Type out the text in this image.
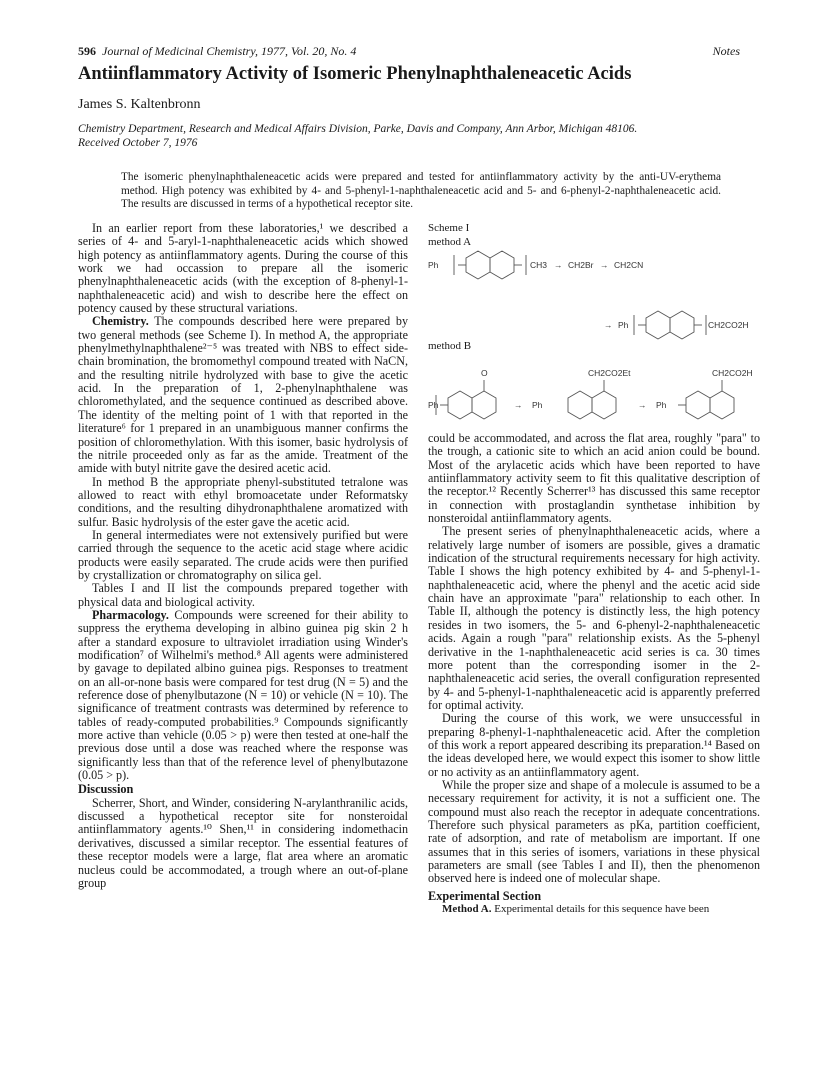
596 Journal of Medicinal Chemistry, 1977, Vol. 20, No. 4	Notes
Antiinflammatory Activity of Isomeric Phenylnaphthaleneacetic Acids
James S. Kaltenbronn
Chemistry Department, Research and Medical Affairs Division, Parke, Davis and Company, Ann Arbor, Michigan 48106.
Received October 7, 1976
The isomeric phenylnaphthaleneacetic acids were prepared and tested for antiinflammatory activity by the anti-UV-erythema method. High potency was exhibited by 4- and 5-phenyl-1-naphthaleneacetic acid and 5- and 6-phenyl-2-naphthaleneacetic acid. The results are discussed in terms of a hypothetical receptor site.

In an earlier report from these laboratories,¹ we described a series of 4- and 5-aryl-1-naphthaleneacetic acids which showed high potency as antiinflammatory agents. During the course of this work we had occassion to prepare all the isomeric phenylnaphthaleneacetic acids (with the exception of 8-phenyl-1-naphthaleneacetic acid) and wish to describe here the effect on potency caused by these structural variations.

Chemistry. The compounds described here were prepared by two general methods (see Scheme I). In method A, the appropriate phenylmethylnaphthalene²⁻⁵ was treated with NBS to effect side-chain bromination, the bromomethyl compound treated with NaCN, and the resulting nitrile hydrolyzed with base to give the acetic acid. In the preparation of 1, 2-phenylnaphthalene was chloromethylated, and the sequence continued as described above. The identity of the melting point of 1 with that reported in the literature⁶ for 1 prepared in an unambiguous manner confirms the position of chloromethylation. With this isomer, basic hydrolysis of the nitrile proceeded only as far as the amide. Treatment of the amide with butyl nitrite gave the desired acetic acid.

In method B the appropriate phenyl-substituted tetralone was allowed to react with ethyl bromoacetate under Reformatsky conditions, and the resulting dihydronaphthalene aromatized with sulfur. Basic hydrolysis of the ester gave the acetic acid.

In general intermediates were not extensively purified but were carried through the sequence to the acetic acid stage where acidic products were easily separated. The crude acids were then purified by crystallization or chromatography on silica gel.

Tables I and II list the compounds prepared together with physical data and biological activity.

Pharmacology. Compounds were screened for their ability to suppress the erythema developing in albino guinea pig skin 2 h after a standard exposure to ultraviolet irradiation using Winder's modification⁷ of Wilhelmi's method.⁸ All agents were administered by gavage to depilated albino guinea pigs. Responses to treatment on an all-or-none basis were compared for test drug (N = 5) and the reference dose of phenylbutazone (N = 10) or vehicle (N = 10). The significance of treatment contrasts was determined by reference to tables of ready-computed probabilities.⁹ Compounds significantly more active than vehicle (0.05 > p) were then tested at one-half the previous dose until a dose was reached where the response was significantly less than that of the reference level of phenylbutazone (0.05 > p).

Discussion

Scherrer, Short, and Winder, considering N-arylanthranilic acids, discussed a hypothetical receptor site for nonsteroidal antiinflammatory agents.¹⁰ Shen,¹¹ in considering indomethacin derivatives, discussed a similar receptor. The essential features of these receptor models were a large, flat area where an aromatic nucleus could be accommodated, a trough where an out-of-plane group

Scheme I
method A
method B
Ph	CH3 → CH2Br → CH2CN
→ Ph	CH2CO2H
Ph
O
→ Ph
CH2CO2Et
→ Ph
CH2CO2H

could be accommodated, and across the flat area, roughly "para" to the trough, a cationic site to which an acid anion could be bound. Most of the arylacetic acids which have been reported to have antiinflammatory activity seem to fit this qualitative description of the receptor.¹² Recently Scherrer¹³ has discussed this same receptor in connection with prostaglandin synthetase inhibition by nonsteroidal antiinflammatory agents.

The present series of phenylnaphthaleneacetic acids, where a relatively large number of isomers are possible, gives a dramatic indication of the structural requirements necessary for high activity. Table I shows the high potency exhibited by 4- and 5-phenyl-1-naphthaleneacetic acid, where the phenyl and the acetic acid side chain have an approximate "para" relationship to each other. In Table II, although the potency is distinctly less, the high potency resides in two isomers, the 5- and 6-phenyl-2-naphthaleneacetic acids. Again a rough "para" relationship exists. As the 5-phenyl derivative in the 1-naphthaleneacetic acid series is ca. 30 times more potent than the corresponding isomer in the 2-naphthaleneacetic acid series, the overall configuration represented by 4- and 5-phenyl-1-naphthaleneacetic acid is apparently preferred for optimal activity.

During the course of this work, we were unsuccessful in preparing 8-phenyl-1-naphthaleneacetic acid. After the completion of this work a report appeared describing its preparation.¹⁴ Based on the ideas developed here, we would expect this isomer to show little or no activity as an antiinflammatory agent.

While the proper size and shape of a molecule is assumed to be a necessary requirement for activity, it is not a sufficient one. The compound must also reach the receptor in adequate concentrations. Therefore such physical parameters as pKa, partition coefficient, rate of adsorption, and rate of metabolism are important. If one assumes that in this series of isomers, variations in these physical parameters are small (see Tables I and II), then the phenomenon observed here is indeed one of molecular shape.

Experimental Section

Method A. Experimental details for this sequence have been
